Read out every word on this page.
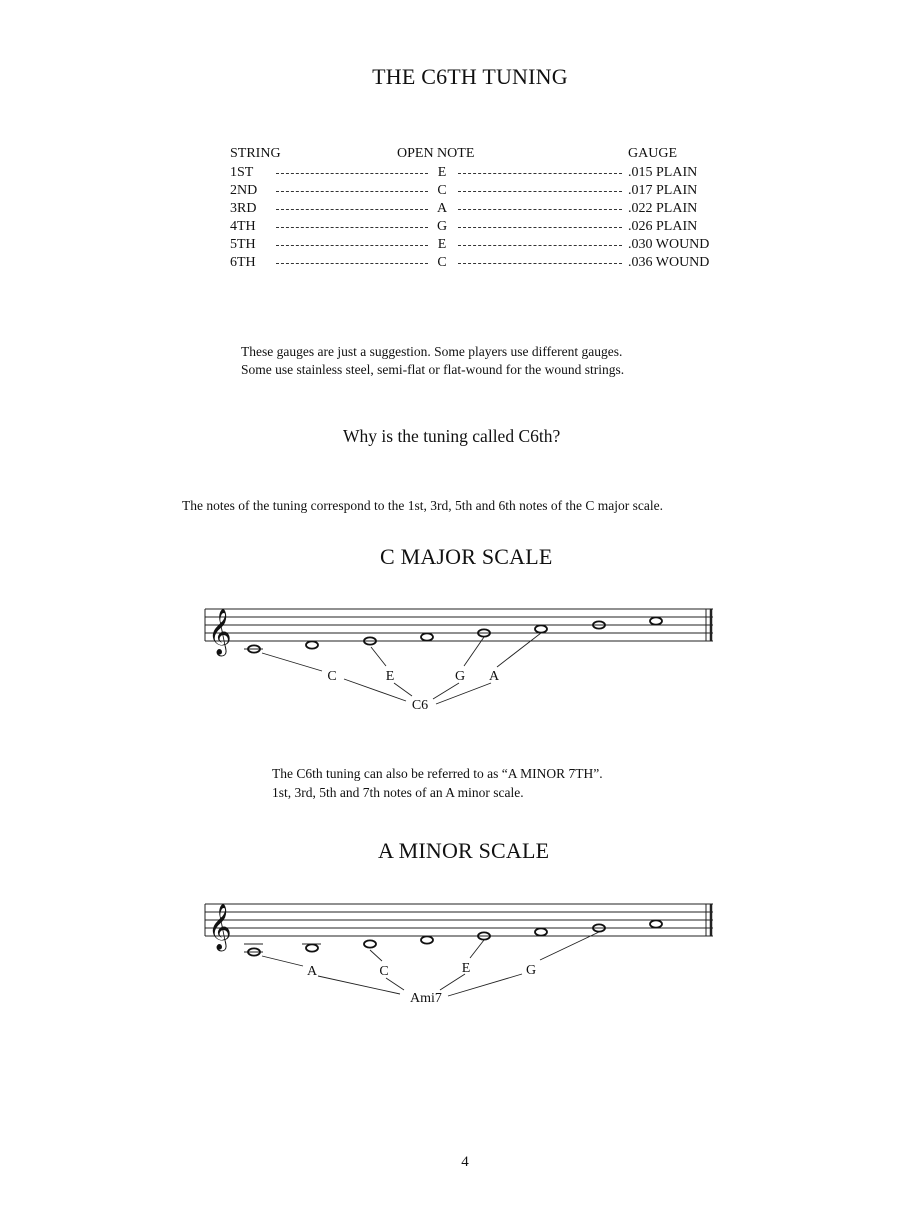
THE C6TH TUNING
STRING	OPEN NOTE	GAUGE
1ST	E	.015 PLAIN
2ND	C	.017 PLAIN
3RD	A	.022 PLAIN
4TH	G	.026 PLAIN
5TH	E	.030 WOUND
6TH	C	.036 WOUND
These gauges are just a suggestion. Some players use different gauges.
Some use stainless steel, semi-flat or flat-wound for the wound strings.
Why is the tuning called C6th?
The notes of the tuning correspond to the 1st, 3rd, 5th and 6th notes of the C major scale.
C MAJOR SCALE
𝄞
C	E	G A
C6
The C6th tuning can also be referred to as “A MINOR 7TH”.
1st, 3rd, 5th and 7th notes of an A minor scale.
A MINOR SCALE
𝄞
A	C	E	G
Ami7
4
